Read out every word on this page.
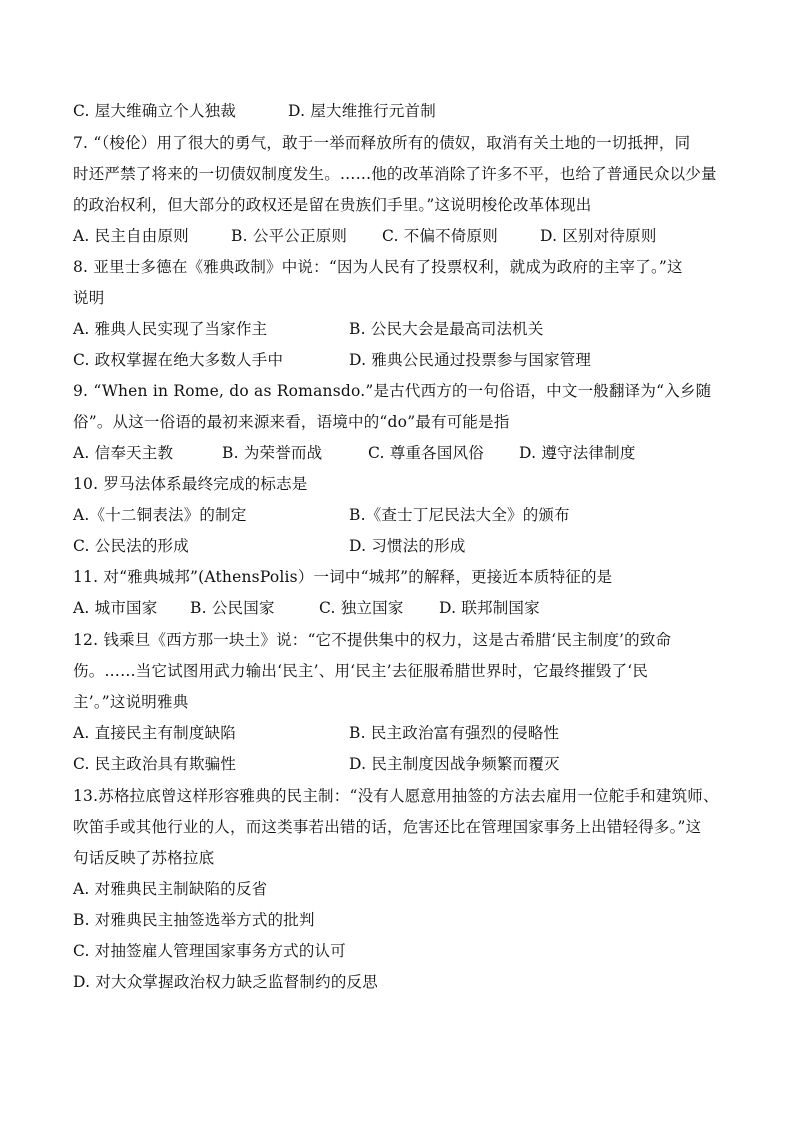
C. 屋大维确立个人独裁	D. 屋大维推行元首制
7. “（梭伦）用了很大的勇气，敢于一举而释放所有的债奴，取消有关土地的一切抵押，同
时还严禁了将来的一切债奴制度发生。……他的改革消除了许多不平，也给了普通民众以少量
的政治权利，但大部分的政权还是留在贵族们手里。”这说明梭伦改革体现出
A. 民主自由原则	B. 公平公正原则 C. 不偏不倚原则	D. 区别对待原则
8. 亚里士多德在《雅典政制》中说：“因为人民有了投票权利，就成为政府的主宰了。”这
说明
A. 雅典人民实现了当家作主	B. 公民大会是最高司法机关
C. 政权掌握在绝大多数人手中	D. 雅典公民通过投票参与国家管理
9. “When in Rome, do as Romansdo.”是古代西方的一句俗语，中文一般翻译为“入乡随
俗”。从这一俗语的最初来源来看，语境中的“do”最有可能是指
A. 信奉天主教	B. 为荣誉而战	C. 尊重各国风俗 D. 遵守法律制度
10. 罗马法体系最终完成的标志是
A.《十二铜表法》的制定	B.《查士丁尼民法大全》的颁布
C. 公民法的形成	D. 习惯法的形成
11. 对“雅典城邦”(AthensPolis）一词中“城邦”的解释，更接近本质特征的是
A. 城市国家 B. 公民国家	C. 独立国家 D. 联邦制国家
12. 钱乘旦《西方那一块土》说：“它不提供集中的权力，这是古希腊‘民主制度’的致命
伤。……当它试图用武力输出‘民主’、用‘民主’去征服希腊世界时，它最终摧毁了‘民
主’。”这说明雅典
A. 直接民主有制度缺陷	B. 民主政治富有强烈的侵略性
C. 民主政治具有欺骗性	D. 民主制度因战争频繁而覆灭
13.苏格拉底曾这样形容雅典的民主制：“没有人愿意用抽签的方法去雇用一位舵手和建筑师、
吹笛手或其他行业的人，而这类事若出错的话，危害还比在管理国家事务上出错轻得多。”这
句话反映了苏格拉底
A. 对雅典民主制缺陷的反省
B. 对雅典民主抽签选举方式的批判
C. 对抽签雇人管理国家事务方式的认可
D. 对大众掌握政治权力缺乏监督制约的反思
